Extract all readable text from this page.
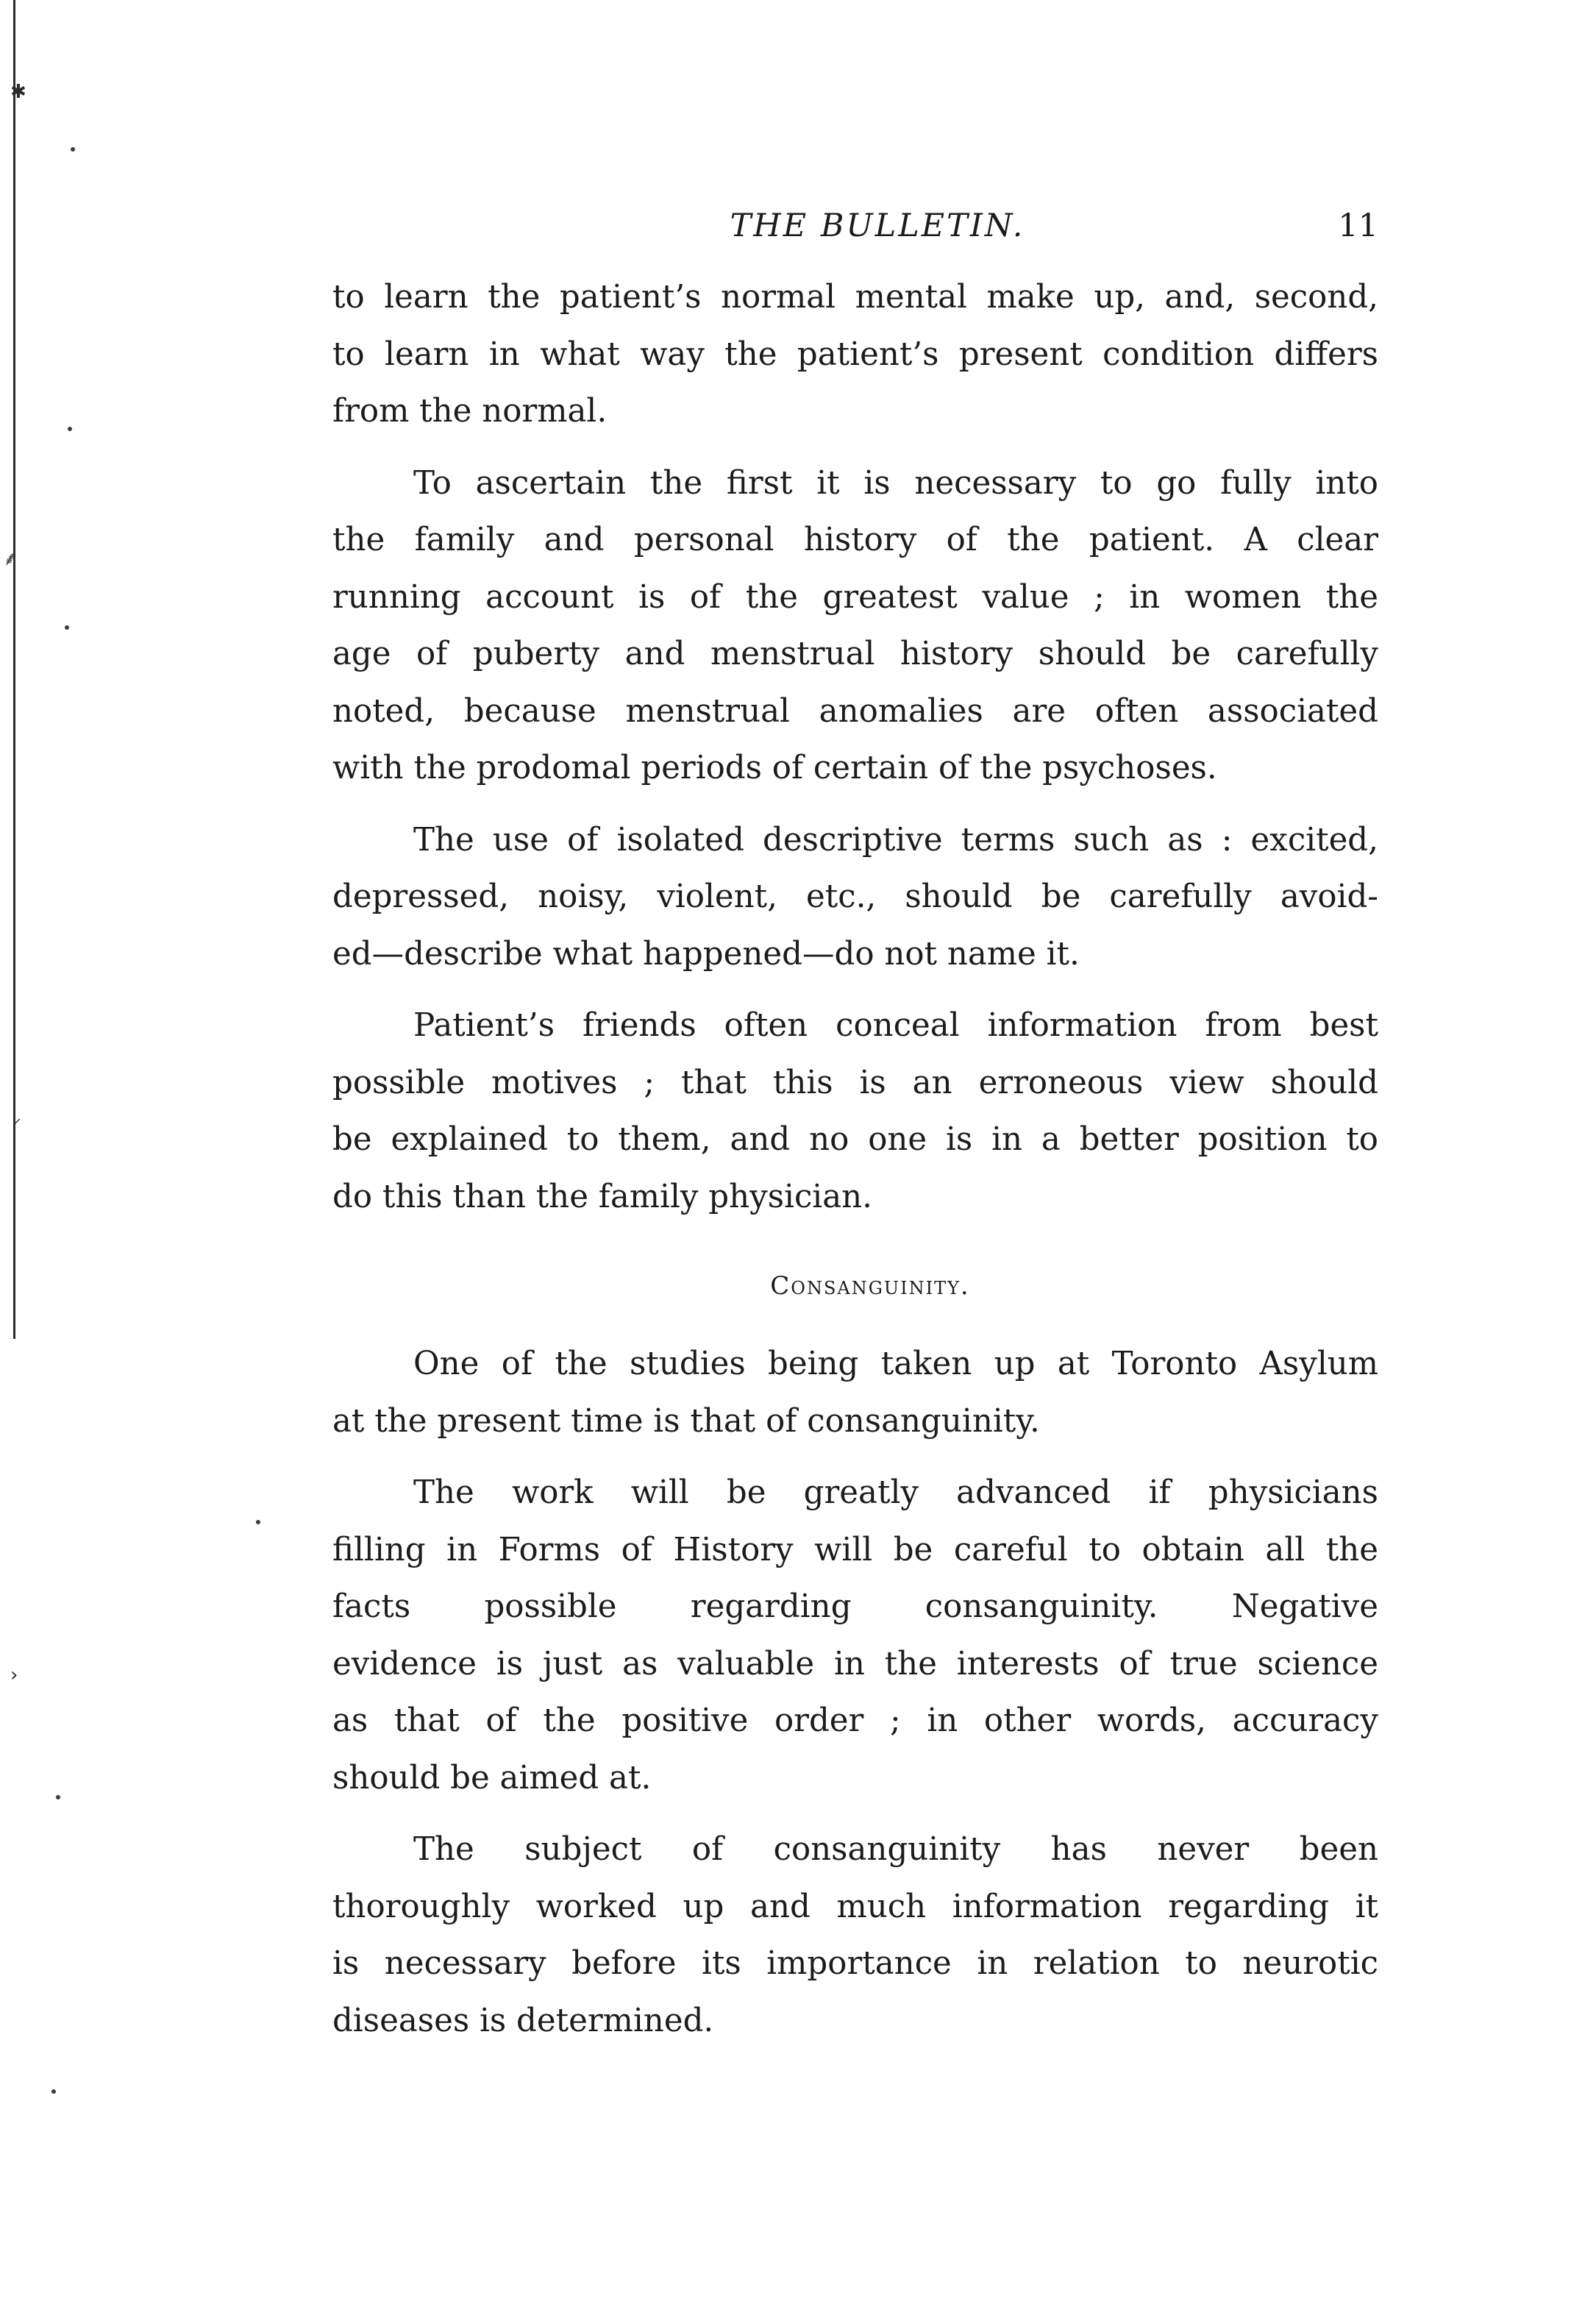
✱
⸙
⸝
›
THE BULLETIN.	11
to learn the patient’s normal mental make up, and, second,
to learn in what way the patient’s present condition differs
from the normal.
To ascertain the first it is necessary to go fully into
the family and personal history of the patient. A clear
running account is of the greatest value ; in women the
age of puberty and menstrual history should be carefully
noted, because menstrual anomalies are often associated
with the prodomal periods of certain of the psychoses.
The use of isolated descriptive terms such as : excited,
depressed, noisy, violent, etc., should be carefully avoid-
ed—describe what happened—do not name it.
Patient’s friends often conceal information from best
possible motives ; that this is an erroneous view should
be explained to them, and no one is in a better position to
do this than the family physician.
Consanguinity.
One of the studies being taken up at Toronto Asylum
at the present time is that of consanguinity.
The work will be greatly advanced if physicians
filling in Forms of History will be careful to obtain all the
facts possible regarding consanguinity. Negative
evidence is just as valuable in the interests of true science
as that of the positive order ; in other words, accuracy
should be aimed at.
The subject of consanguinity has never been
thoroughly worked up and much information regarding it
is necessary before its importance in relation to neurotic
diseases is determined.
